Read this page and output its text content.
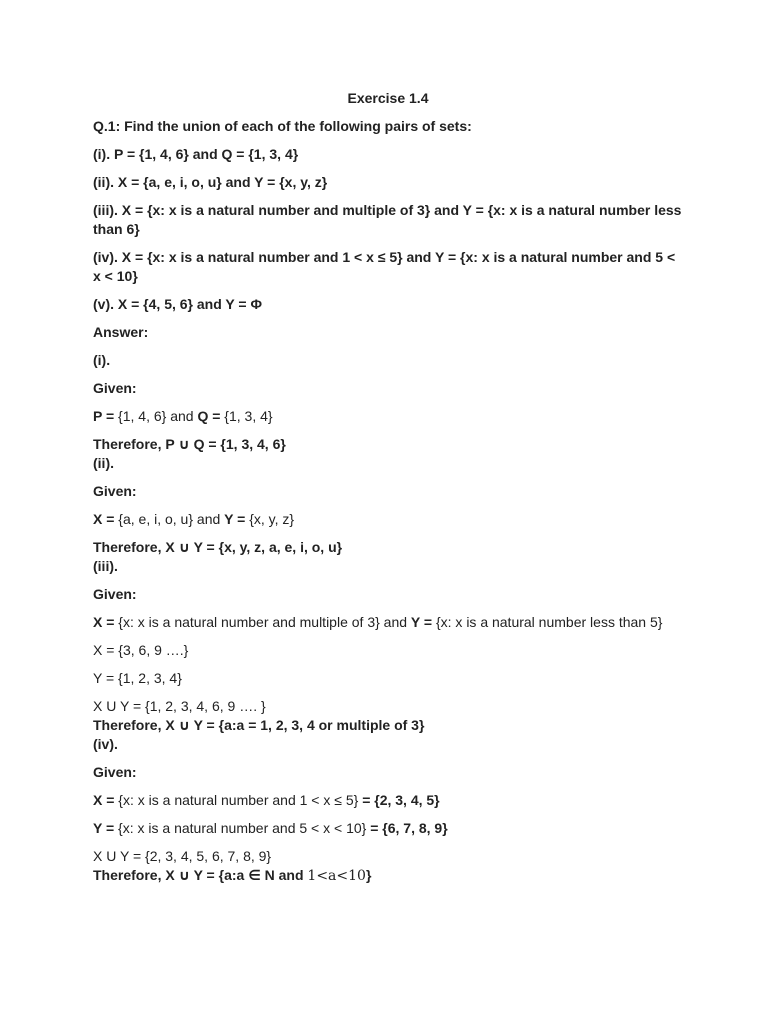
Exercise 1.4

Q.1: Find the union of each of the following pairs of sets:

(i). P = {1, 4, 6} and Q = {1, 3, 4}

(ii). X = {a, e, i, o, u} and Y = {x, y, z}

(iii). X = {x: x is a natural number and multiple of 3} and Y = {x: x is a natural number less than 6}

(iv). X = {x: x is a natural number and 1 < x ≤ 5} and Y = {x: x is a natural number and 5 < x < 10}

(v). X = {4, 5, 6} and Y = Φ

Answer:

(i).

Given:

P = {1, 4, 6} and Q = {1, 3, 4}

Therefore, P ∪ Q = {1, 3, 4, 6}

(ii).

Given:

X = {a, e, i, o, u} and Y = {x, y, z}

Therefore, X ∪ Y = {x, y, z, a, e, i, o, u}

(iii).

Given:

X = {x: x is a natural number and multiple of 3} and Y = {x: x is a natural number less than 5}

X = {3, 6, 9 ….}

Y = {1, 2, 3, 4}

X U Y = {1, 2, 3, 4, 6, 9 …. }

Therefore, X ∪ Y = {a:a = 1, 2, 3, 4 or multiple of 3}

(iv).

Given:

X = {x: x is a natural number and 1 < x ≤ 5} = {2, 3, 4, 5}

Y = {x: x is a natural number and 5 < x < 10} = {6, 7, 8, 9}

X U Y = {2, 3, 4, 5, 6, 7, 8, 9}

Therefore, X ∪ Y = {a:a ∈ N and 1<a<10}
